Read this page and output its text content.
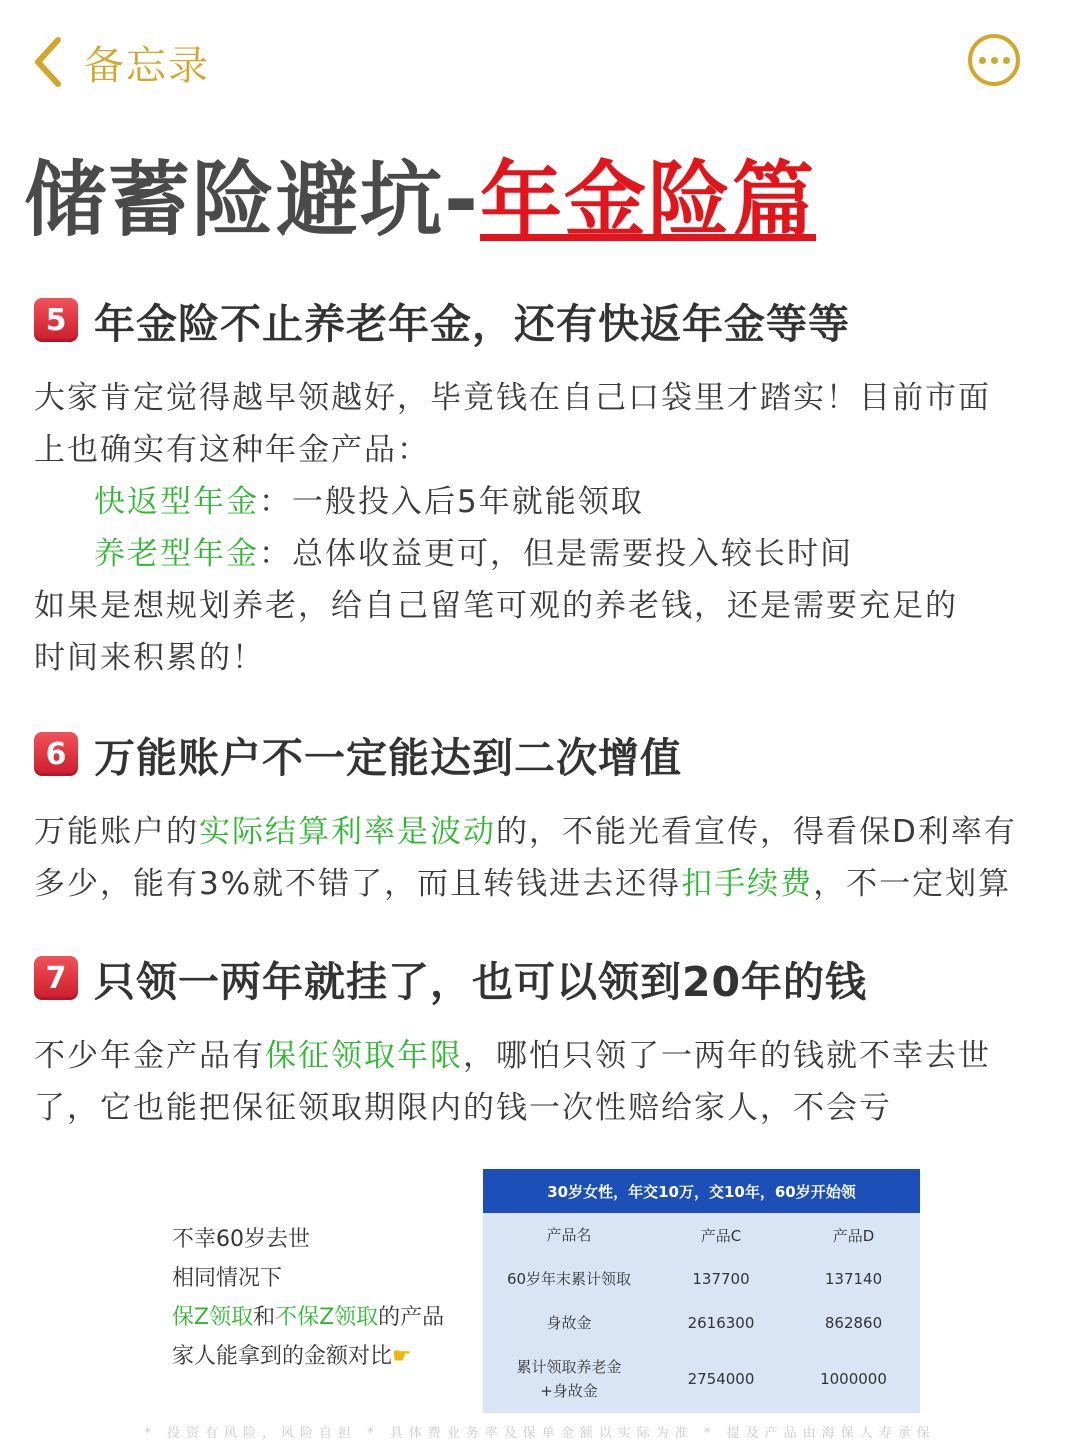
备忘录
储蓄险避坑-年金险篇
5 年金险不止养老年金，还有快返年金等等

大家肯定觉得越早领越好，毕竟钱在自己口袋里才踏实！目前市面

上也确实有这种年金产品：

快返型年金：一般投入后5年就能领取

养老型年金：总体收益更可，但是需要投入较长时间

如果是想规划养老，给自己留笔可观的养老钱，还是需要充足的

时间来积累的！

6 万能账户不一定能达到二次增值

万能账户的实际结算利率是波动的，不能光看宣传，得看保D利率有

多少，能有3%就不错了，而且转钱进去还得扣手续费，不一定划算

7 只领一两年就挂了，也可以领到20年的钱

不少年金产品有保征领取年限，哪怕只领了一两年的钱就不幸去世

了，它也能把保征领取期限内的钱一次性赔给家人，不会亏

不幸60岁去世

相同情况下

保Z领取和不保Z领取的产品

家人能拿到的金额对比☛

30岁女性，年交10万，交10年，60岁开始领
产品名	产品C	产品D
60岁年末累计领取	137700	137140
身故金	2616300	862860
累计领取养老金
+身故金
2754000	1000000
* 投资有风险，风险自担 * 具体费业务率及保单金额以实际为准 * 提及产品由海保人寿承保
